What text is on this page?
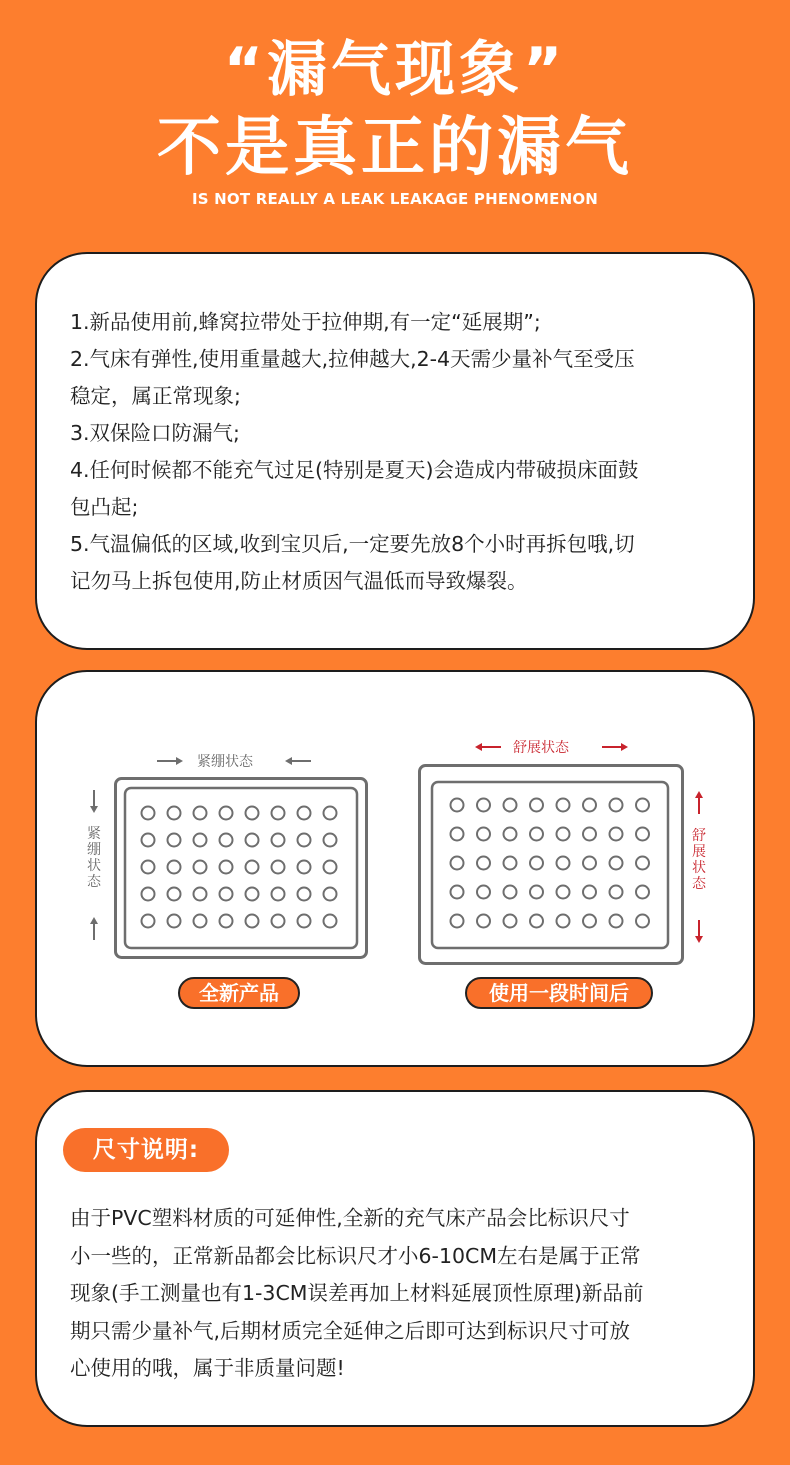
“漏气现象”
不是真正的漏气
IS NOT REALLY A LEAK LEAKAGE PHENOMENON
1.新品使用前,蜂窝拉带处于拉伸期,有一定“延展期”;
2.气床有弹性,使用重量越大,拉伸越大,2-4天需少量补气至受压
稳定，属正常现象;
3.双保险口防漏气;
4.任何时候都不能充气过足(特别是夏天)会造成内带破损床面鼓
包凸起;
5.气温偏低的区域,收到宝贝后,一定要先放8个小时再拆包哦,切
记勿马上拆包使用,防止材质因气温低而导致爆裂。
紧绷状态
紧绷状态
全新产品
舒展状态
舒展状态
使用一段时间后
尺寸说明:
由于PVC塑料材质的可延伸性,全新的充气床产品会比标识尺寸
小一些的，正常新品都会比标识尺才小6-10CM左右是属于正常
现象(手工测量也有1-3CM误差再加上材料延展顶性原理)新品前
期只需少量补气,后期材质完全延伸之后即可达到标识尺寸可放
心使用的哦，属于非质量问题!
